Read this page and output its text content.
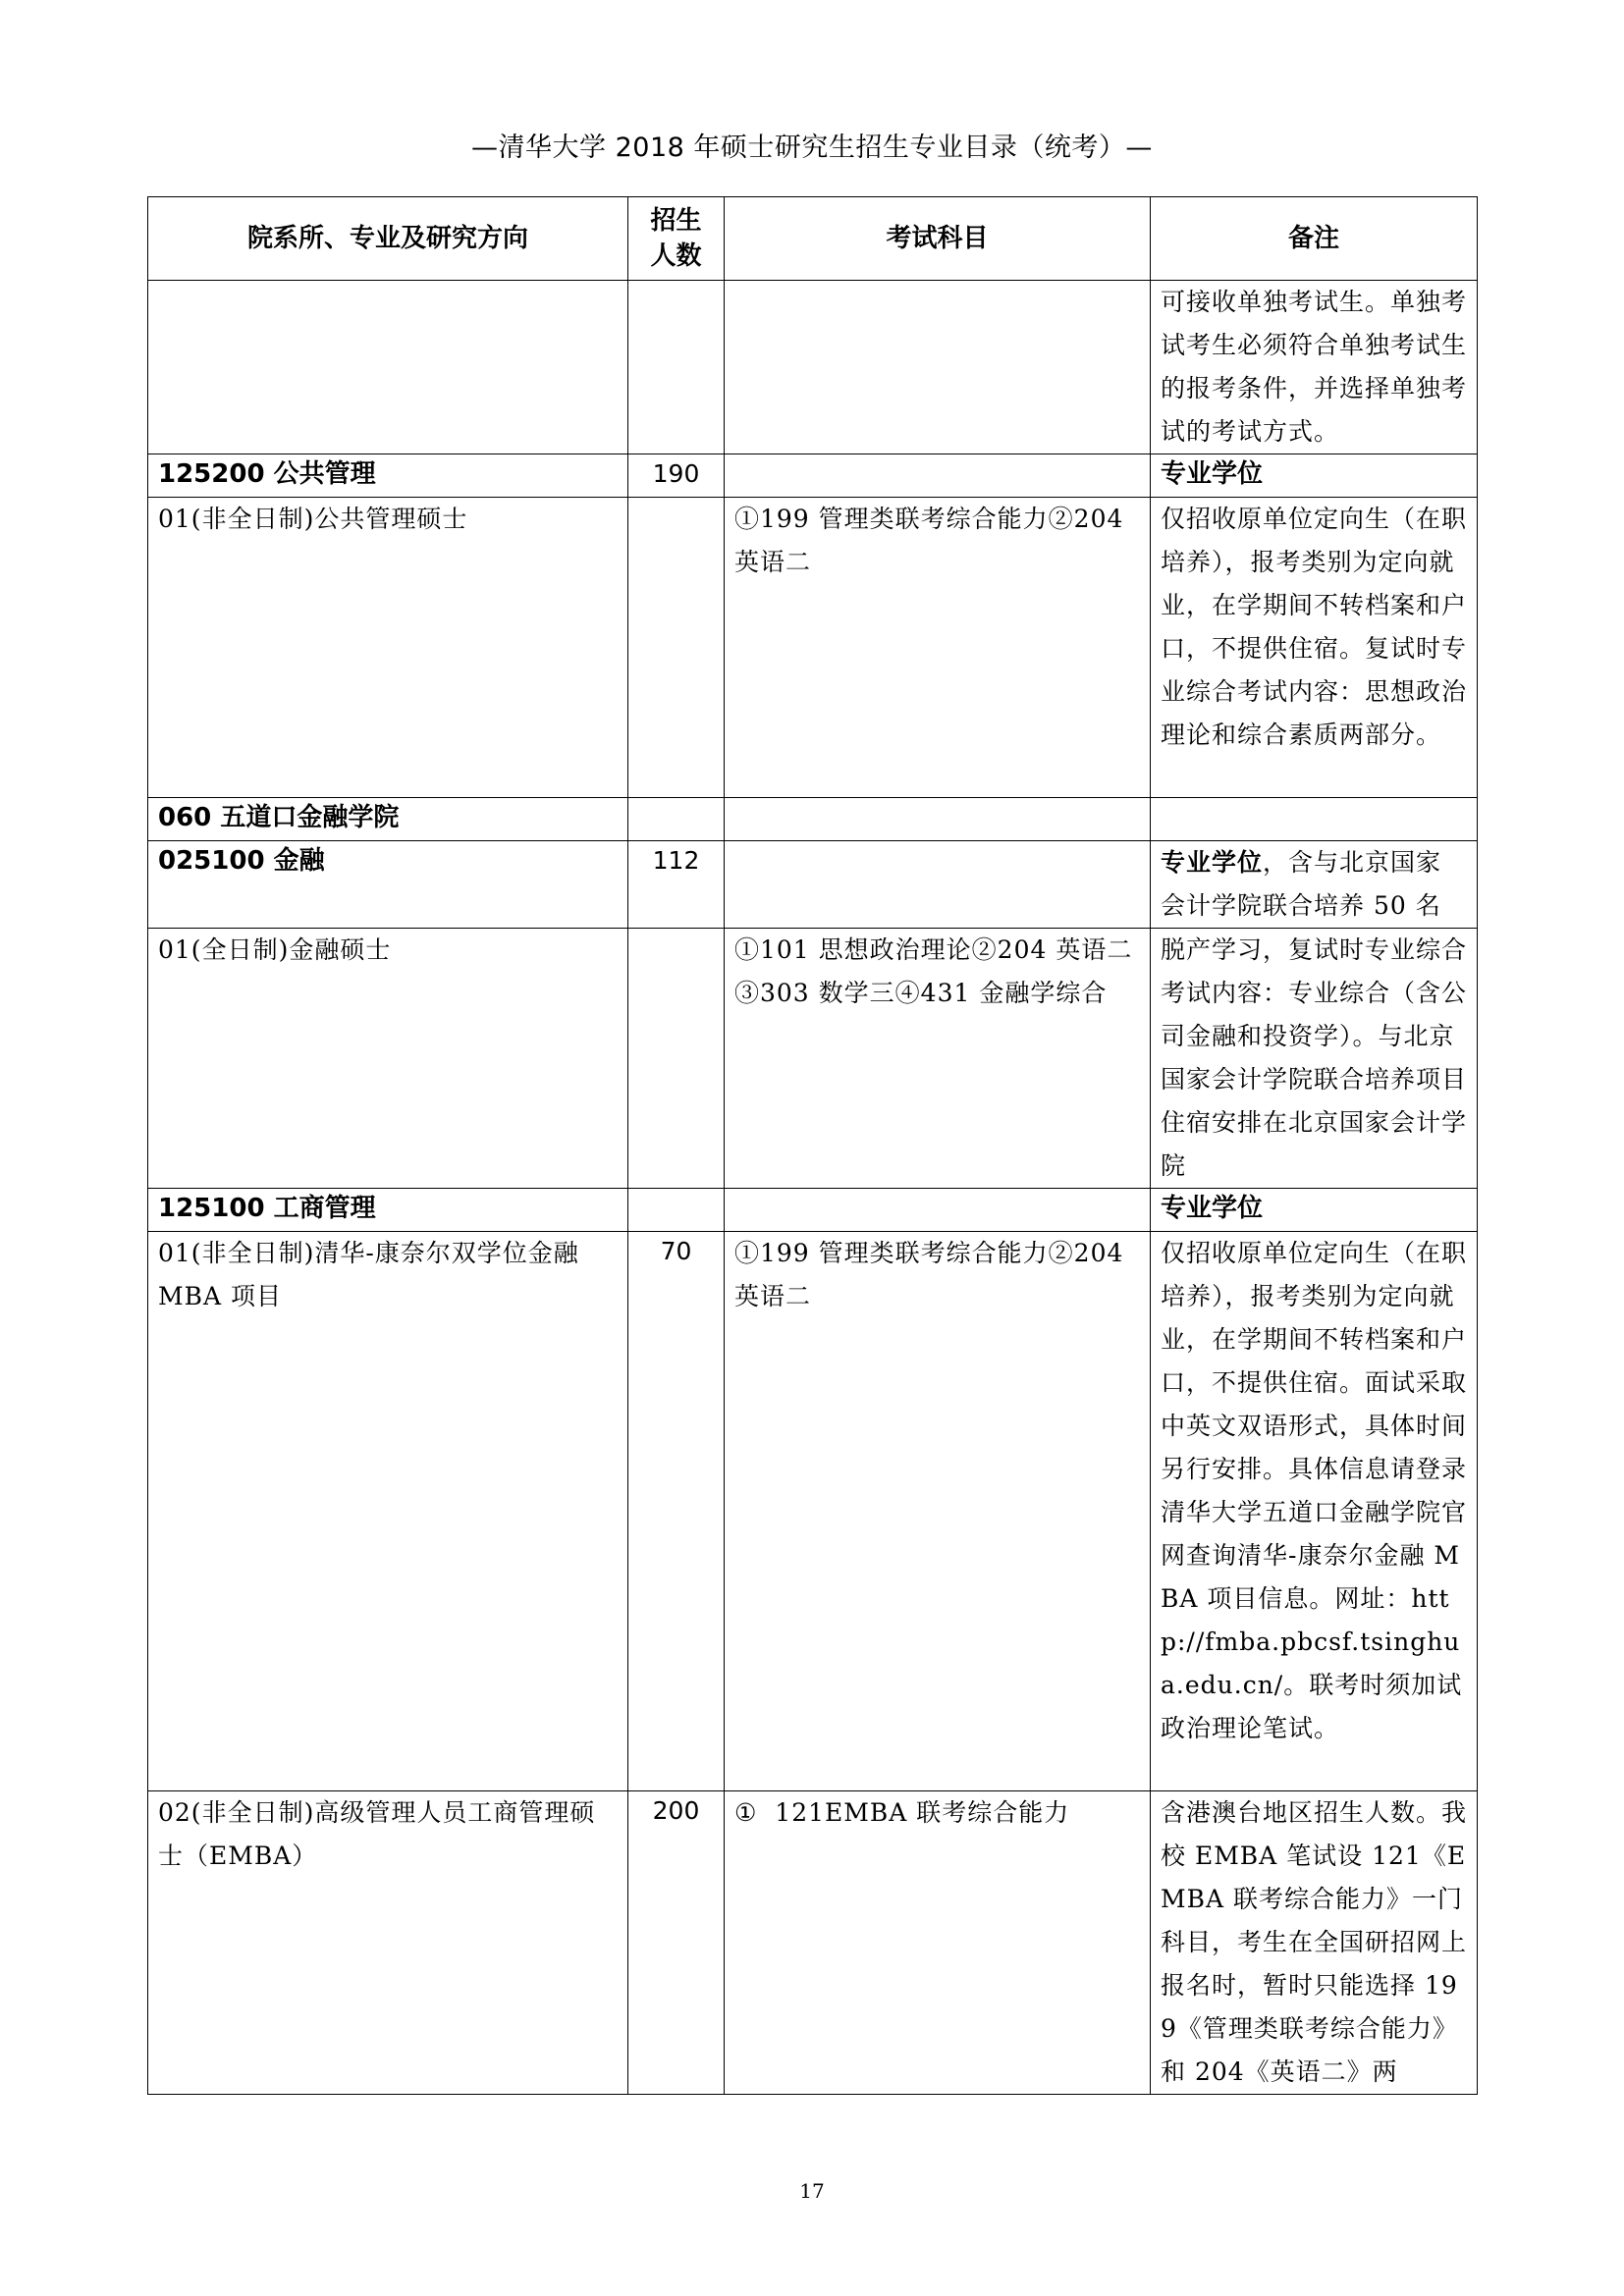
—清华大学 2018 年硕士研究生招生专业目录（统考）—
院系所、专业及研究方向	招生人数	考试科目	备注
			可接收单独考试生。单独考试考生必须符合单独考试生的报考条件，并选择单独考试的考试方式。
125200 公共管理	190		专业学位
01(非全日制)公共管理硕士		①199 管理类联考综合能力②204 英语二	仅招收原单位定向生（在职培养），报考类别为定向就业，在学期间不转档案和户口，不提供住宿。复试时专业综合考试内容：思想政治理论和综合素质两部分。
060 五道口金融学院			
025100 金融	112		专业学位，含与北京国家会计学院联合培养 50 名
01(全日制)金融硕士		①101 思想政治理论②204 英语二③303 数学三④431 金融学综合	脱产学习，复试时专业综合考试内容：专业综合（含公司金融和投资学）。与北京国家会计学院联合培养项目住宿安排在北京国家会计学院
125100 工商管理			专业学位
01(非全日制)清华-康奈尔双学位金融 MBA 项目	70	①199 管理类联考综合能力②204 英语二	仅招收原单位定向生（在职培养），报考类别为定向就业，在学期间不转档案和户口，不提供住宿。面试采取中英文双语形式，具体时间另行安排。具体信息请登录清华大学五道口金融学院官网查询清华-康奈尔金融 MBA 项目信息。网址：http://fmba.pbcsf.tsinghua.edu.cn/。联考时须加试政治理论笔试。
02(非全日制)高级管理人员工商管理硕士（EMBA）	200	①  121EMBA 联考综合能力	含港澳台地区招生人数。我校 EMBA 笔试设 121《EMBA 联考综合能力》一门科目，考生在全国研招网上报名时，暂时只能选择 199《管理类联考综合能力》和 204《英语二》两
17
